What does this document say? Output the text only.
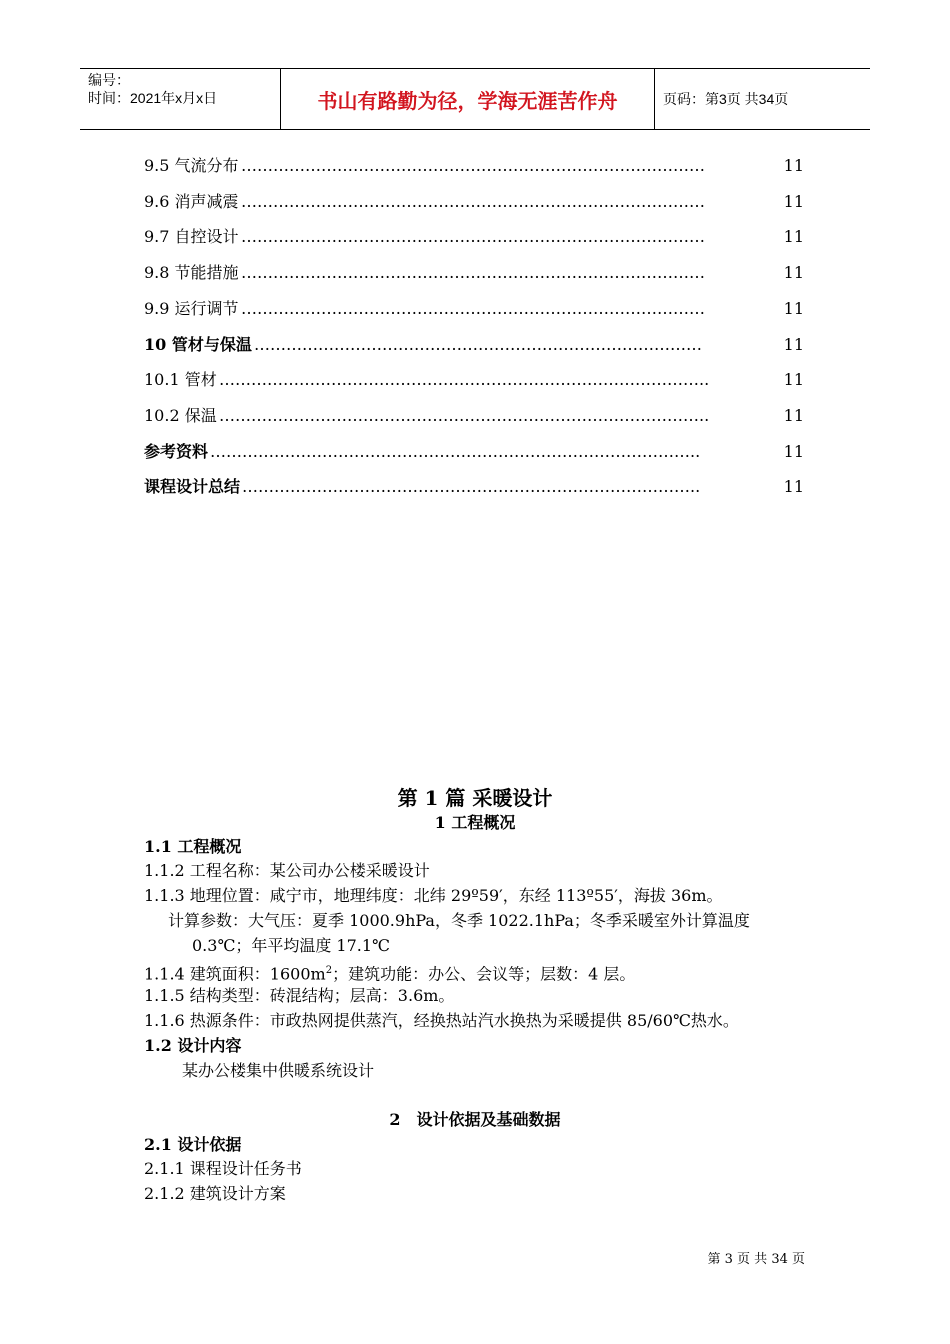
编号：
时间：2021年x月x日	书山有路勤为径，学海无涯苦作舟	页码：第3页 共34页
……………………………………………………………………………
9.5 气流分布	11
……………………………………………………………………………
9.6 消声减震	11
……………………………………………………………………………
9.7 自控设计	11
……………………………………………………………………………
9.8 节能措施	11
……………………………………………………………………………
9.9 运行调节	11
…………………………………………………………………………
10 管材与保温	11
………………………………………………………………………………..
10.1 管材	11
………………………………………………………………………………..
10.2 保温	11
………………………………………………………………………………..
参考资料	11
…………………………………………………………………………..
课程设计总结	11
第 1 篇 采暖设计
1 工程概况
1.1 工程概况
1.1.2 工程名称：某公司办公楼采暖设计
1.1.3 地理位置：咸宁市，地理纬度：北纬 29º59′，东经 113º55′，海拔 36m。
计算参数：大气压：夏季 1000.9hPa，冬季 1022.1hPa；冬季采暖室外计算温度
0.3℃；年平均温度 17.1℃
1.1.4 建筑面积：$1600m^2$；建筑功能：办公、会议等；层数：4 层。
1.1.5 结构类型：砖混结构；层高：3.6m。
1.1.6 热源条件：市政热网提供蒸汽，经换热站汽水换热为采暖提供 85/60℃热水。
1.2 设计内容
某办公楼集中供暖系统设计
2　设计依据及基础数据
2.1 设计依据
2.1.1 课程设计任务书
2.1.2 建筑设计方案
第 3 页 共 34 页
